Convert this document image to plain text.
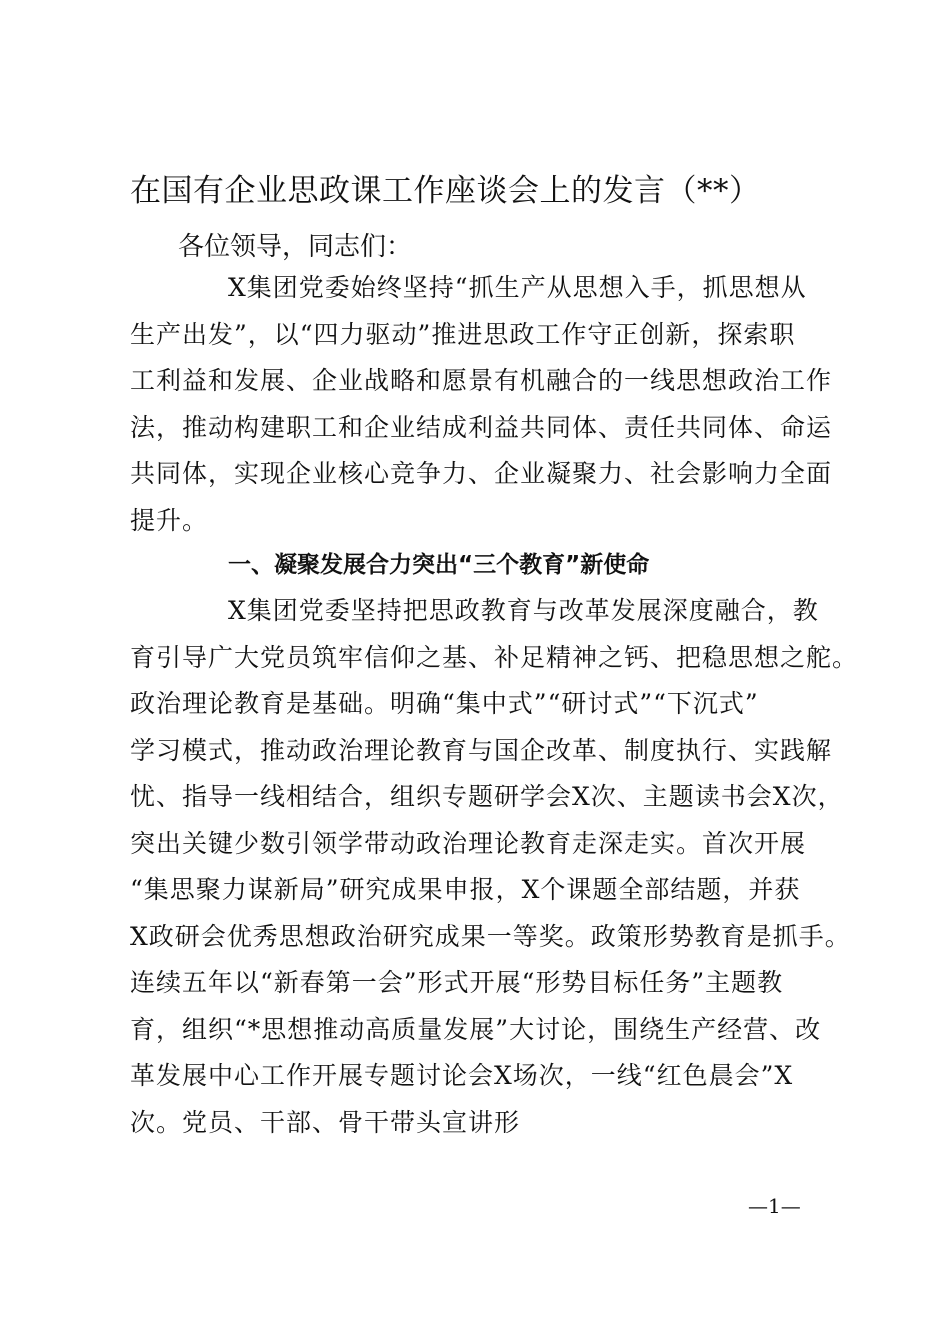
在国有企业思政课工作座谈会上的发言（**）
各位领导，同志们：
X集团党委始终坚持“抓生产从思想入手，抓思想从
生产出发”，以“四力驱动”推进思政工作守正创新，探索职
工利益和发展、企业战略和愿景有机融合的一线思想政治工作
法，推动构建职工和企业结成利益共同体、责任共同体、命运
共同体，实现企业核心竞争力、企业凝聚力、社会影响力全面
提升。
一、凝聚发展合力突出“三个教育”新使命
X集团党委坚持把思政教育与改革发展深度融合，教
育引导广大党员筑牢信仰之基、补足精神之钙、把稳思想之舵。
政治理论教育是基础。明确“集中式”“研讨式”“下沉式”
学习模式，推动政治理论教育与国企改革、制度执行、实践解
忧、指导一线相结合，组织专题研学会X次、主题读书会X次，
突出关键少数引领学带动政治理论教育走深走实。首次开展
“集思聚力谋新局”研究成果申报，X个课题全部结题，并获
X政研会优秀思想政治研究成果一等奖。政策形势教育是抓手。
连续五年以“新春第一会”形式开展“形势目标任务”主题教
育，组织“*思想推动高质量发展”大讨论，围绕生产经营、改
革发展中心工作开展专题讨论会X场次，一线“红色晨会”X
次。党员、干部、骨干带头宣讲形
—1—
